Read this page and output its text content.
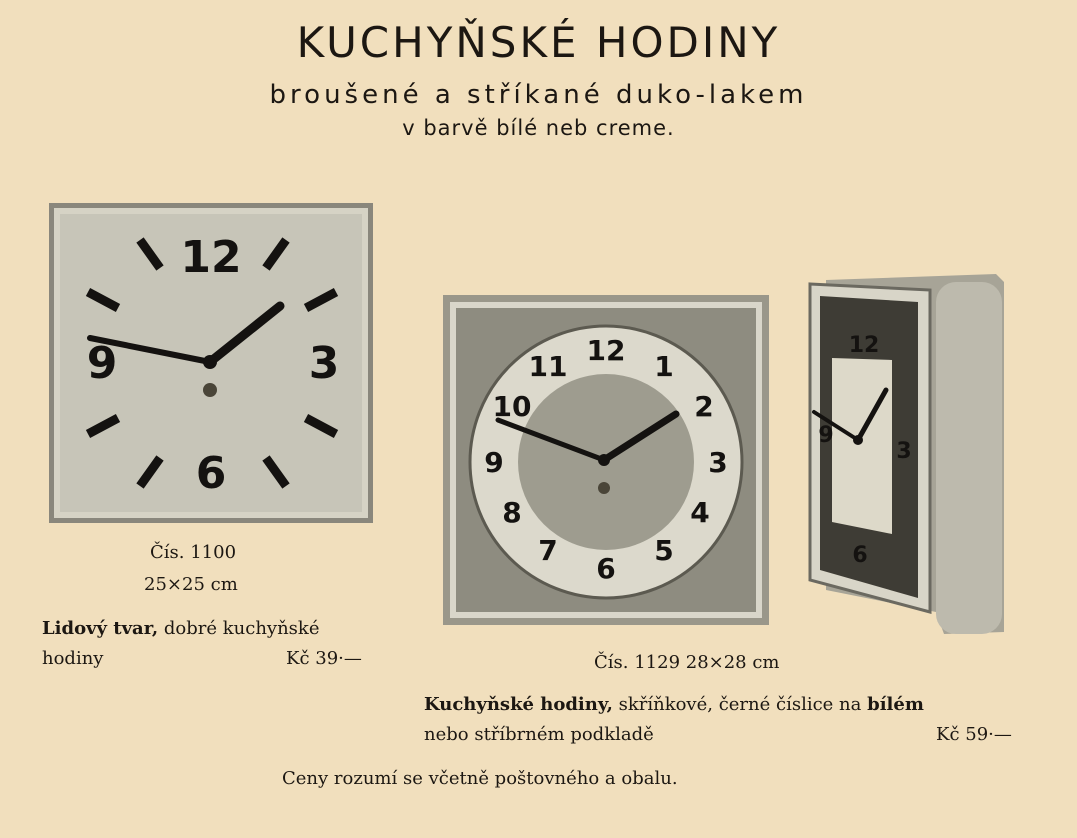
KUCHYŇSKÉ HODINY
broušené a stříkané duko-lakem
v barvě bílé neb creme.
12
3
6
9
Čís. 1100
25×25 cm
Lidový tvar, dobré kuchyňské
hodiny	Kč 39·—
12 1
2
3
4
5
6
7
8
9
10
11
12
9
3
6
Čís. 1129 28×28 cm
Kuchyňské hodiny, skříňkové, černé číslice na bílém
nebo stříbrném podkladě	Kč 59·—
Ceny rozumí se včetně poštovného a obalu.
